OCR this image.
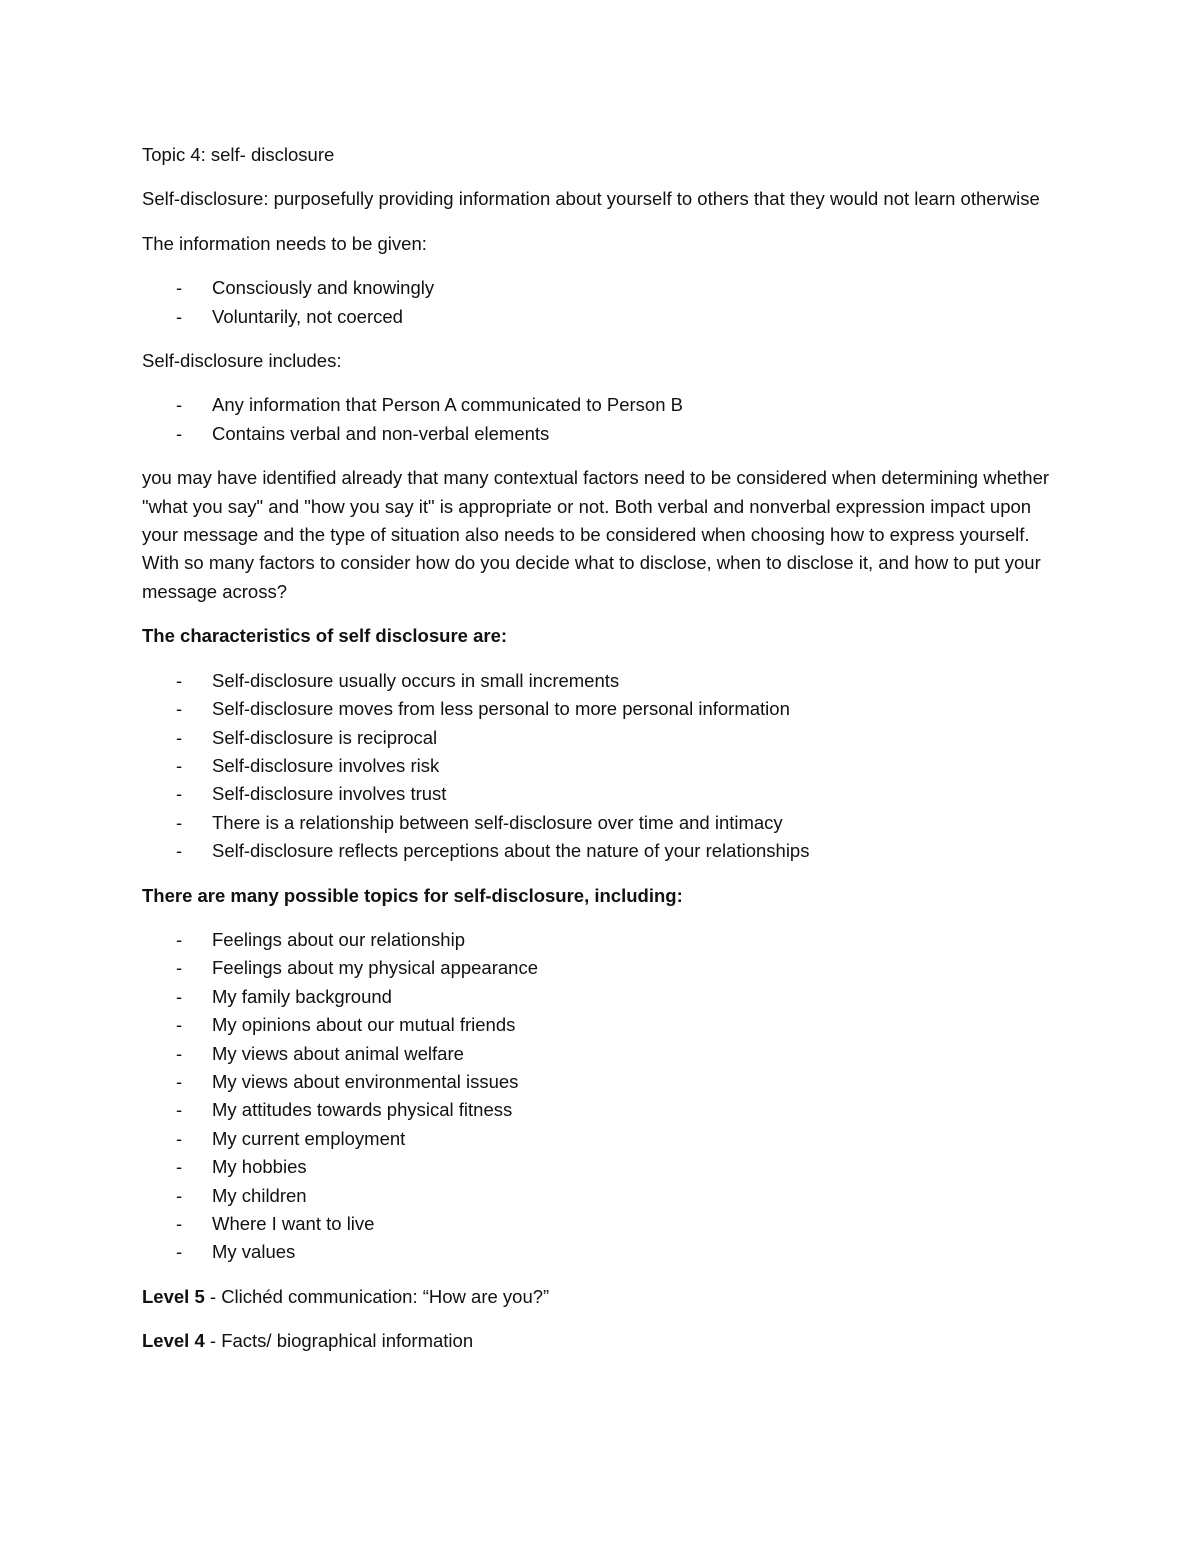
Topic 4: self- disclosure

Self-disclosure: purposefully providing information about yourself to others that they would not learn otherwise

The information needs to be given:

- Consciously and knowingly
- Voluntarily, not coerced

Self-disclosure includes:

- Any information that Person A communicated to Person B
- Contains verbal and non-verbal elements

you may have identified already that many contextual factors need to be considered when determining whether "what you say" and "how you say it" is appropriate or not. Both verbal and nonverbal expression impact upon your message and the type of situation also needs to be considered when choosing how to express yourself. With so many factors to consider how do you decide what to disclose, when to disclose it, and how to put your message across?

The characteristics of self disclosure are:

- Self-disclosure usually occurs in small increments
- Self-disclosure moves from less personal to more personal information
- Self-disclosure is reciprocal
- Self-disclosure involves risk
- Self-disclosure involves trust
- There is a relationship between self-disclosure over time and intimacy
- Self-disclosure reflects perceptions about the nature of your relationships

There are many possible topics for self-disclosure, including:

- Feelings about our relationship
- Feelings about my physical appearance
- My family background
- My opinions about our mutual friends
- My views about animal welfare
- My views about environmental issues
- My attitudes towards physical fitness
- My current employment
- My hobbies
- My children
- Where I want to live
- My values

Level 5 - Clichéd communication: “How are you?”

Level 4 - Facts/ biographical information
